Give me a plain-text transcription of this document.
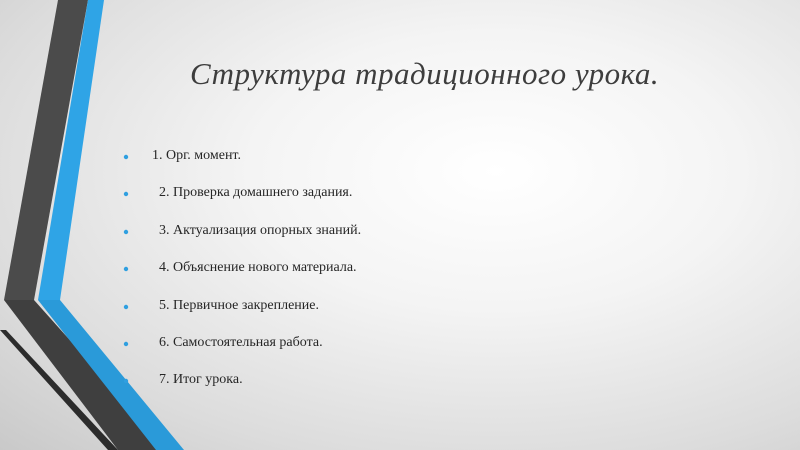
Структура традиционного урока.
1. Орг. момент.
2. Проверка домашнего задания.
3. Актуализация опорных знаний.
4. Объяснение нового материала.
5. Первичное закрепление.
6. Самостоятельная работа.
7. Итог урока.
